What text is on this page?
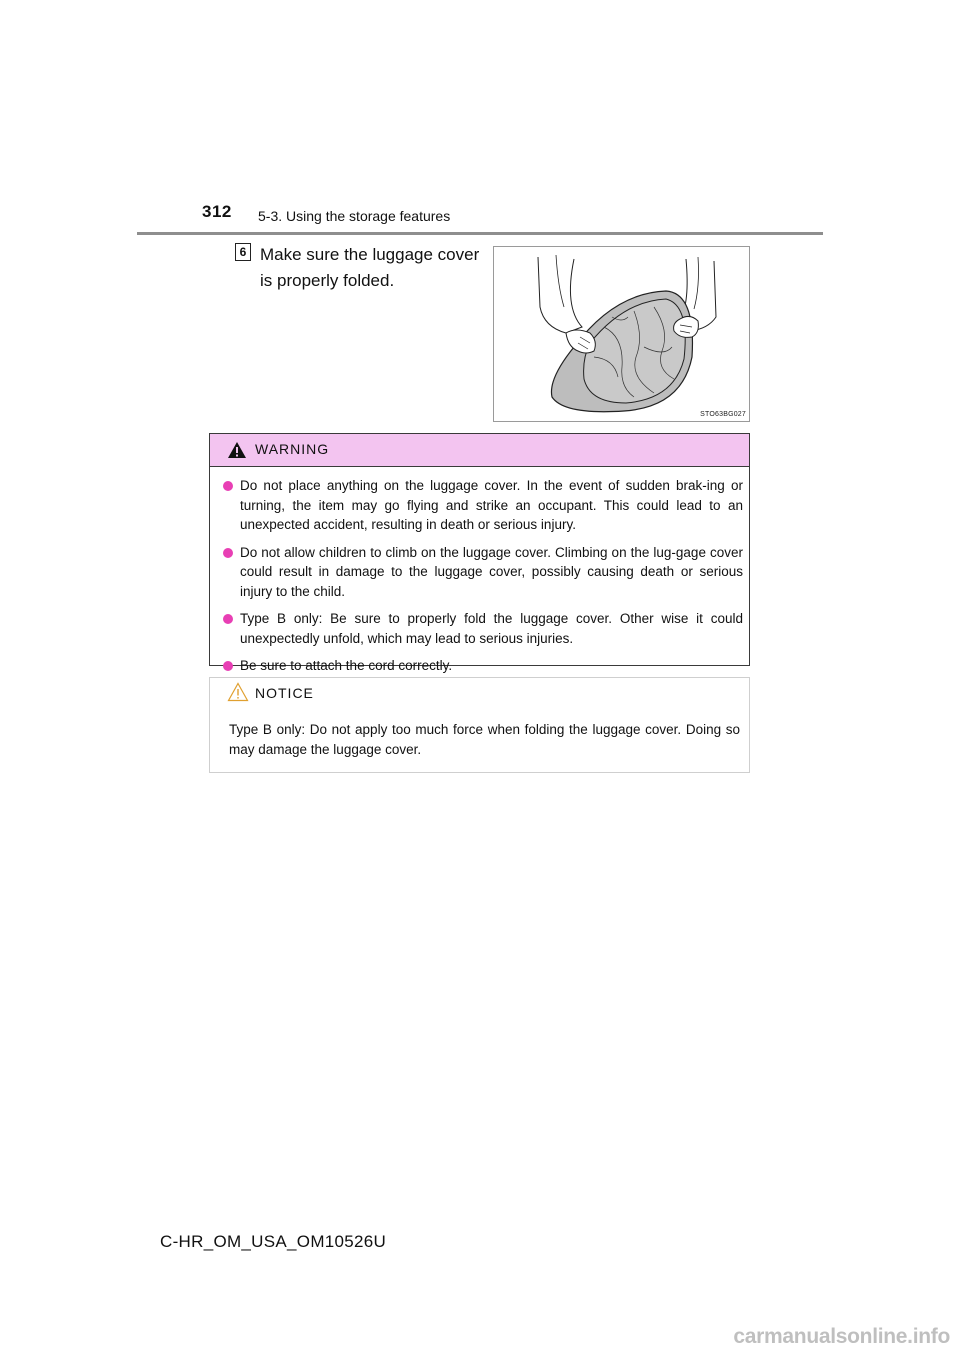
312 5-3. Using the storage features
6 Make sure the luggage cover is properly folded.
STO63BG027
WARNING
Do not place anything on the luggage cover. In the event of sudden brak-ing or turning, the item may go flying and strike an occupant. This could lead to an unexpected accident, resulting in death or serious injury.
Do not allow children to climb on the luggage cover. Climbing on the lug-gage cover could result in damage to the luggage cover, possibly causing death or serious injury to the child.
Type B only: Be sure to properly fold the luggage cover. Other wise it could unexpectedly unfold, which may lead to serious injuries.
Be sure to attach the cord correctly.
NOTICE
Type B only: Do not apply too much force when folding the luggage cover. Doing so may damage the luggage cover.
C-HR_OM_USA_OM10526U
carmanualsonline.info
